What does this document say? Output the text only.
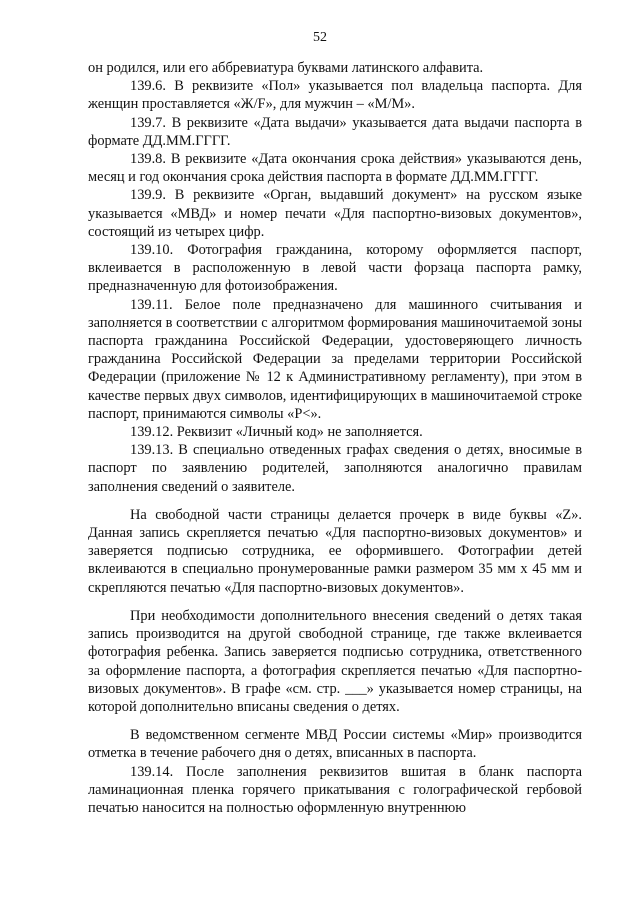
52

он родился, или его аббревиатура буквами латинского алфавита.

139.6. В реквизите «Пол» указывается пол владельца паспорта. Для женщин проставляется «Ж/F», для мужчин – «М/M».

139.7. В реквизите «Дата выдачи» указывается дата выдачи паспорта в формате ДД.ММ.ГГГГ.

139.8. В реквизите «Дата окончания срока действия» указываются день, месяц и год окончания срока действия паспорта в формате ДД.ММ.ГГГГ.

139.9. В реквизите «Орган, выдавший документ» на русском языке указывается «МВД» и номер печати «Для паспортно-визовых документов», состоящий из четырех цифр.

139.10. Фотография гражданина, которому оформляется паспорт, вклеивается в расположенную в левой части форзаца паспорта рамку, предназначенную для фотоизображения.

139.11. Белое поле предназначено для машинного считывания и заполняется в соответствии с алгоритмом формирования машиночитаемой зоны паспорта гражданина Российской Федерации, удостоверяющего личность гражданина Российской Федерации за пределами территории Российской Федерации (приложение № 12 к Административному регламенту), при этом в качестве первых двух символов, идентифицирующих в машиночитаемой строке паспорт, принимаются символы «P<».

139.12. Реквизит «Личный код» не заполняется.

139.13. В специально отведенных графах сведения о детях, вносимые в паспорт по заявлению родителей, заполняются аналогично правилам заполнения сведений о заявителе.

На свободной части страницы делается прочерк в виде буквы «Z». Данная запись скрепляется печатью «Для паспортно-визовых документов» и заверяется подписью сотрудника, ее оформившего. Фотографии детей вклеиваются в специально пронумерованные рамки размером 35 мм х 45 мм и скрепляются печатью «Для паспортно-визовых документов».

При необходимости дополнительного внесения сведений о детях такая запись производится на другой свободной странице, где также вклеивается фотография ребенка. Запись заверяется подписью сотрудника, ответственного за оформление паспорта, а фотография скрепляется печатью «Для паспортно-визовых документов». В графе «см. стр. ___» указывается номер страницы, на которой дополнительно вписаны сведения о детях.

В ведомственном сегменте МВД России системы «Мир» производится отметка в течение рабочего дня о детях, вписанных в паспорта.

139.14. После заполнения реквизитов вшитая в бланк паспорта ламинационная пленка горячего прикатывания с голографической гербовой печатью наносится на полностью оформленную внутреннюю
